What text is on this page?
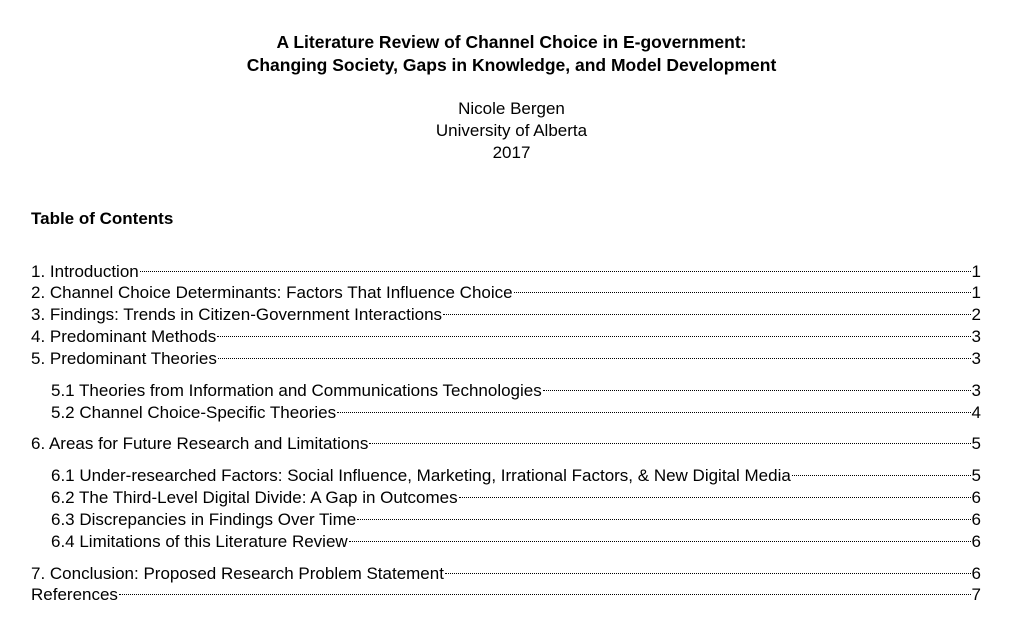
A Literature Review of Channel Choice in E-government:
Changing Society, Gaps in Knowledge, and Model Development
Nicole Bergen
University of Alberta
2017
Table of Contents
1. Introduction	1
2. Channel Choice Determinants: Factors That Influence Choice	1
3. Findings: Trends in Citizen-Government Interactions	2
4. Predominant Methods	3
5. Predominant Theories	3
5.1 Theories from Information and Communications Technologies	3
5.2 Channel Choice-Specific Theories	4
6. Areas for Future Research and Limitations	5
6.1 Under-researched Factors: Social Influence, Marketing, Irrational Factors, & New Digital Media	5
6.2 The Third-Level Digital Divide: A Gap in Outcomes	6
6.3 Discrepancies in Findings Over Time	6
6.4 Limitations of this Literature Review	6
7. Conclusion: Proposed Research Problem Statement	6
References	7
